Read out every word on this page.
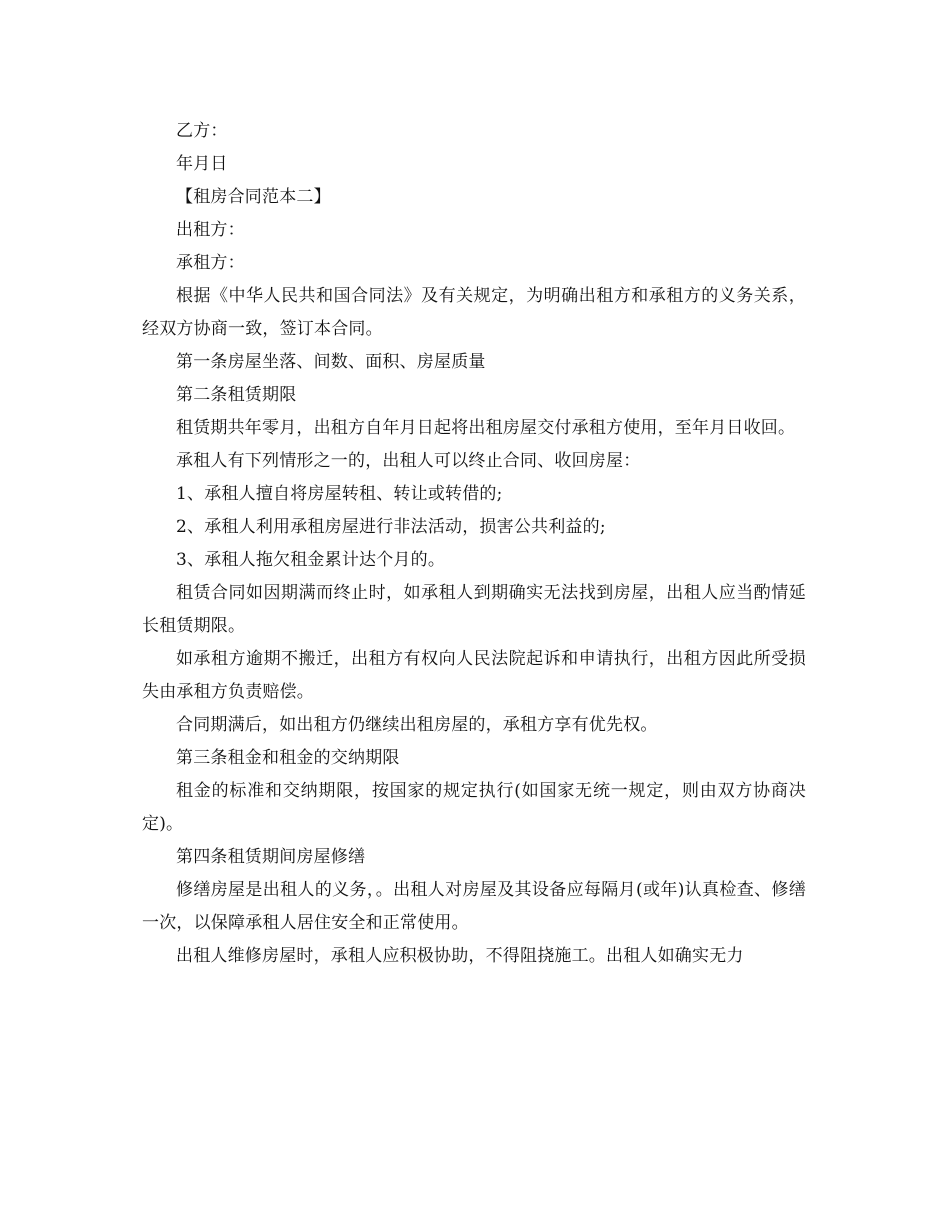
乙方：

年月日

【租房合同范本二】

出租方：

承租方：

根据《中华人民共和国合同法》及有关规定，为明确出租方和承租方的义务关系，经双方协商一致，签订本合同。

第一条房屋坐落、间数、面积、房屋质量

第二条租赁期限

租赁期共年零月，出租方自年月日起将出租房屋交付承租方使用，至年月日收回。

承租人有下列情形之一的，出租人可以终止合同、收回房屋：

1、承租人擅自将房屋转租、转让或转借的;

2、承租人利用承租房屋进行非法活动，损害公共利益的;

3、承租人拖欠租金累计达个月的。

租赁合同如因期满而终止时，如承租人到期确实无法找到房屋，出租人应当酌情延长租赁期限。

如承租方逾期不搬迁，出租方有权向人民法院起诉和申请执行，出租方因此所受损失由承租方负责赔偿。

合同期满后，如出租方仍继续出租房屋的，承租方享有优先权。

第三条租金和租金的交纳期限

租金的标准和交纳期限，按国家的规定执行(如国家无统一规定，则由双方协商决定)。

第四条租赁期间房屋修缮

修缮房屋是出租人的义务，。出租人对房屋及其设备应每隔月(或年)认真检查、修缮一次，以保障承租人居住安全和正常使用。

出租人维修房屋时，承租人应积极协助，不得阻挠施工。出租人如确实无力
